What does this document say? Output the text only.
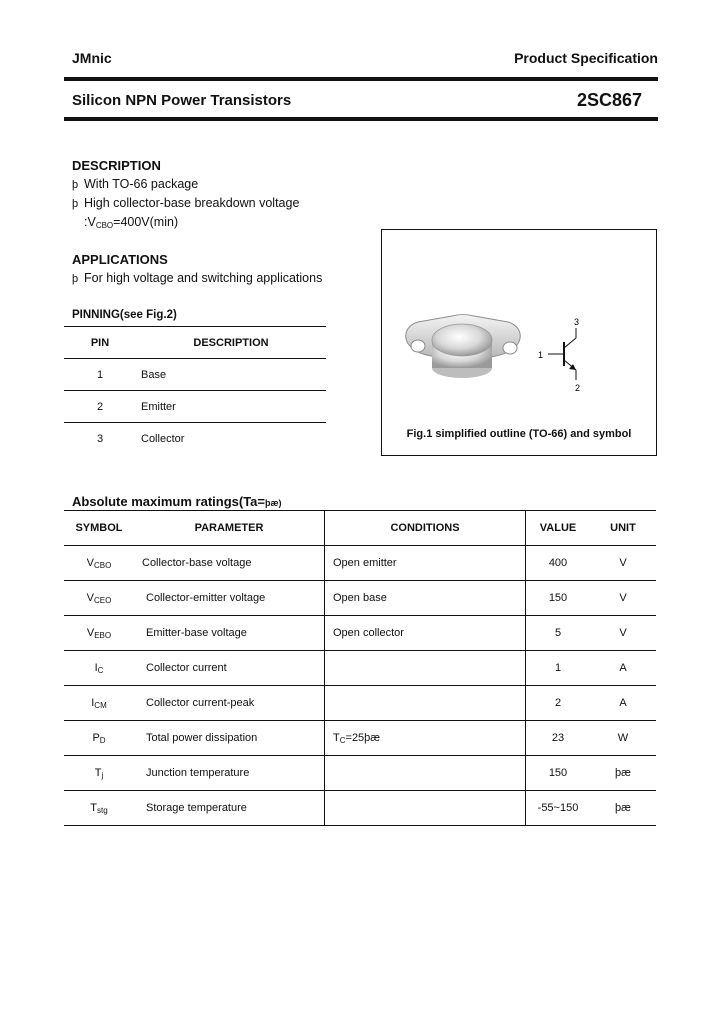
JMnic	Product Specification
Silicon NPN Power Transistors	2SC867
DESCRIPTION
þ With TO-66 package
þ High collector-base breakdown voltage
$:V_{CBO}=400V(\min)$
APPLICATIONS
þ For high voltage and switching applications
PINNING(see Fig.2)
PIN	DESCRIPTION
1	Base
2	Emitter
3	Collector
1
2
3
Fig.1 simplified outline (TO-66) and symbol
Absolute maximum ratings(Ta=þæ)
SYMBOL	PARAMETER	CONDITIONS	VALUE	UNIT
$V_{CBO}$	Collector-base voltage	Open emitter	400	V
$V_{CEO}$	Collector-emitter voltage	Open base	150	V
$V_{EBO}$	Emitter-base voltage	Open collector	5	V
$I_C$	Collector current		1	A
$I_{CM}$	Collector current-peak		2	A
$P_D$	Total power dissipation	$T_C=25þæ$	23	W
$T_j$	Junction temperature		150	þæ
$T_{stg}$	Storage temperature		-55~150	þæ
